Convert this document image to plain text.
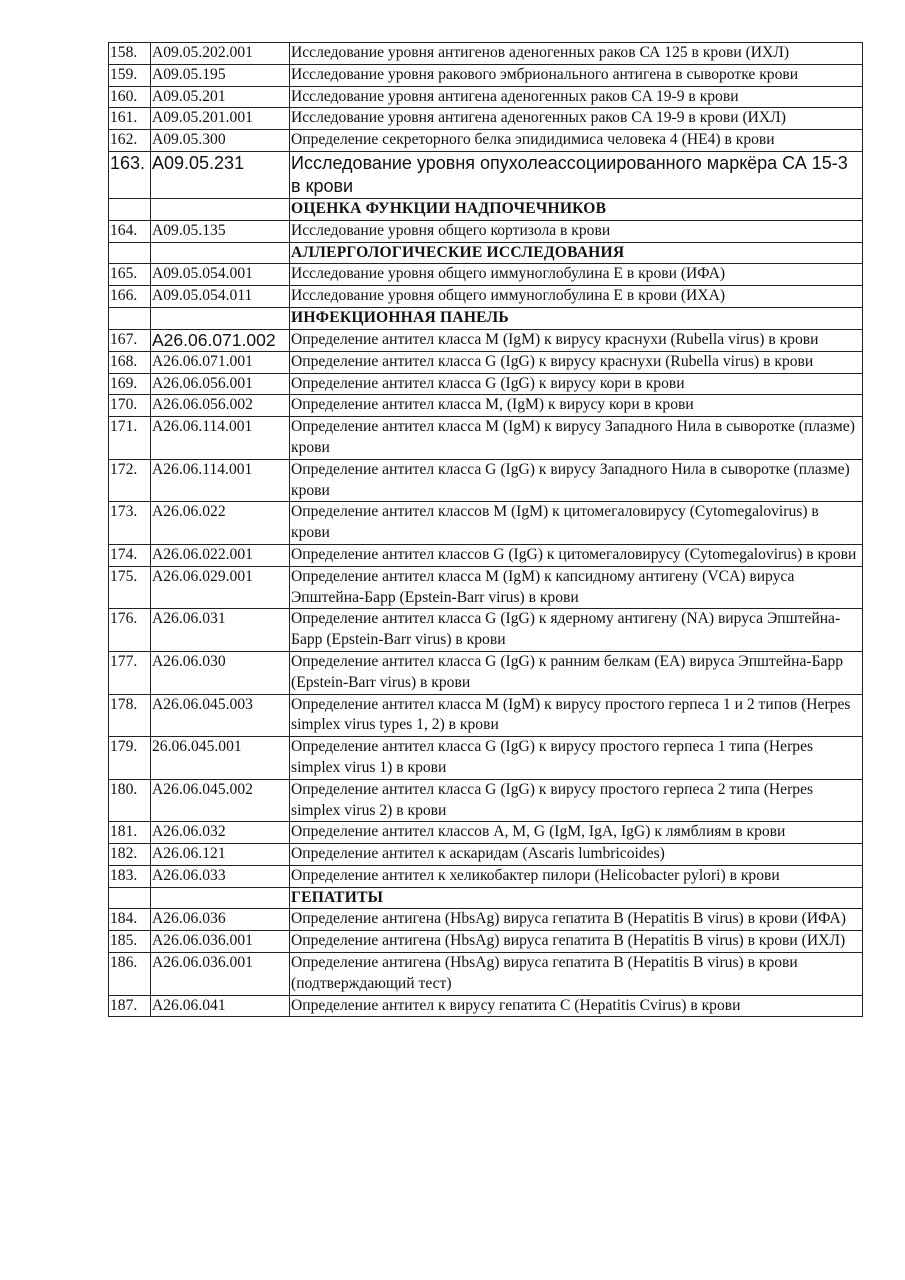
158.	A09.05.202.001	Исследование уровня антигенов аденогенных раков СА 125 в крови (ИХЛ)
159.	A09.05.195	Исследование уровня ракового эмбрионального антигена в сыворотке крови
160.	A09.05.201	Исследование уровня антигена аденогенных раков CA 19-9 в крови
161.	A09.05.201.001	Исследование уровня антигена аденогенных раков CA 19-9 в крови (ИХЛ)
162.	A09.05.300	Определение секреторного белка эпидидимиса человека 4 (HE4) в крови
163.	A09.05.231	Исследование уровня опухолеассоциированного маркёра СА 15-3 в крови
		ОЦЕНКА ФУНКЦИИ НАДПОЧЕЧНИКОВ
164.	A09.05.135	Исследование уровня общего кортизола в крови
		АЛЛЕРГОЛОГИЧЕСКИЕ ИССЛЕДОВАНИЯ
165.	A09.05.054.001	Исследование уровня общего иммуноглобулина Е в крови (ИФА)
166.	A09.05.054.011	Исследование уровня общего иммуноглобулина Е в крови (ИХА)
		ИНФЕКЦИОННАЯ ПАНЕЛЬ
167.	A26.06.071.002	Определение антител класса M (IgM) к вирусу краснухи (Rubella virus) в крови
168.	A26.06.071.001	Определение антител класса G (IgG) к вирусу краснухи (Rubella virus) в крови
169.	A26.06.056.001	Определение антител класса G (IgG) к вирусу кори в крови
170.	A26.06.056.002	Определение антител класса M, (IgM) к вирусу кори в крови
171.	A26.06.114.001	Определение антител класса M (IgM) к вирусу Западного Нила в сыворотке (плазме) крови
172.	A26.06.114.001	Определение антител класса G (IgG) к вирусу Западного Нила в сыворотке (плазме) крови
173.	A26.06.022	Определение антител классов M (IgM) к цитомегаловирусу (Cytomegalovirus) в крови
174.	A26.06.022.001	Определение антител классов G (IgG) к цитомегаловирусу (Cytomegalovirus) в крови
175.	A26.06.029.001	Определение антител класса M (IgM) к капсидному антигену (VCA) вируса Эпштейна-Барр (Epstein-Barr virus) в крови
176.	A26.06.031	Определение антител класса G (IgG) к ядерному антигену (NA) вируса Эпштейна-Барр (Epstein-Barr virus) в крови
177.	A26.06.030	Определение антител класса G (IgG) к ранним белкам (EA) вируса Эпштейна-Барр (Epstein-Barr virus) в крови
178.	A26.06.045.003	Определение антител класса M (IgM) к вирусу простого герпеса 1 и 2 типов (Herpes simplex virus types 1, 2) в крови
179.	26.06.045.001	Определение антител класса G (IgG) к вирусу простого герпеса 1 типа (Herpes simplex virus 1) в крови
180.	A26.06.045.002	Определение антител класса G (IgG) к вирусу простого герпеса 2 типа (Herpes simplex virus 2) в крови
181.	A26.06.032	Определение антител классов A, M, G (IgM, IgA, IgG) к лямблиям в крови
182.	A26.06.121	Определение антител к аскаридам (Ascaris lumbricoides)
183.	A26.06.033	Определение антител к хеликобактер пилори (Helicobacter pylori) в крови
		ГЕПАТИТЫ
184.	A26.06.036	Определение антигена (HbsAg) вируса гепатита В (Hepatitis B virus) в крови (ИФА)
185.	A26.06.036.001	Определение антигена (HbsAg) вируса гепатита В (Hepatitis B virus) в крови (ИХЛ)
186.	A26.06.036.001	Определение антигена (HbsAg) вируса гепатита В (Hepatitis B virus) в крови (подтверждающий тест)
187.	A26.06.041	Определение антител к вирусу гепатита С (Hepatitis Cvirus) в крови
